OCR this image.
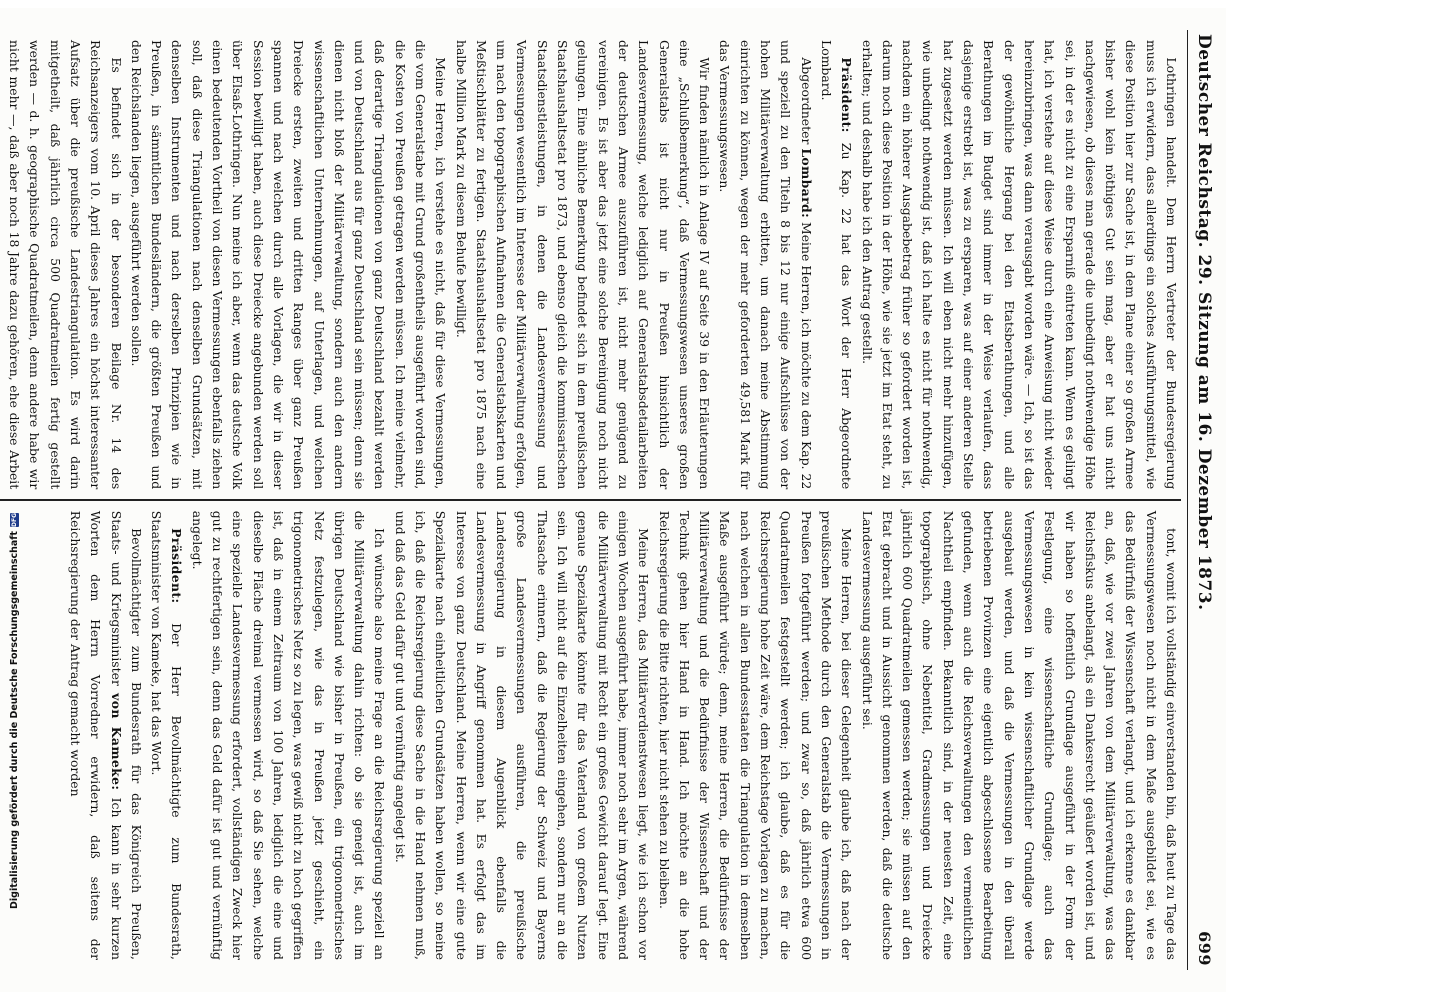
Deutscher Reichstag. 29. Sitzung am 16. Dezember 1873.
699

Lothringen handelt. Dem Herrn Vertreter der Bundesregierung muss ich erwidern, dass allerdings ein solches Ausführungsmittel, wie diese Position hier zur Sache ist, in dem Plane einer so großen Armee bisher wohl kein nöthiges Gut sein mag, aber er hat uns nicht nachgewiesen, ob dieses man gerade die unbedingt nothwendige Höhe sei, in der es nicht zu eine Ersparniß eintreten kann. Wenn es gelingt hat, ich verstehe auf diese Weise durch eine Anweisung nicht wieder hereinzubringen, was dann verausgabt worden wäre. — Ich, so ist das der gewöhnliche Hergang bei den Etatsberathungen, und alle Berathungen im Budget sind immer in der Weise verlaufen, dass dasjenige erstrebt ist, was zu ersparen, was auf einer anderen Stelle hat zugesetzt werden müssen. Ich will eben nicht mehr hinzufügen, wie unbedingt nothwendig ist, daß ich halte es nicht für nothwendig, nachdem ein höherer Ausgabebetrag früher so gefordert worden ist, darum noch diese Position in der Höhe, wie sie jetzt im Etat steht, zu erhalten; und deshalb habe ich den Antrag gestellt.

Präsident: Zu Kap. 22 hat das Wort der Herr Abgeordnete Lombard.

Abgeordneter Lombard: Meine Herren, ich möchte zu dem Kap. 22 und speziell zu den Titeln 8 bis 12 nur einige Aufschlüsse von der hohen Militärverwaltung erbitten, um danach meine Abstimmung einrichten zu können, wegen der mehr geforderten 49,581 Mark für das Vermessungswesen.

Wir finden nämlich in Anlage IV auf Seite 39 in den Erläuterungen eine „Schlußbemerkung“, daß Vermessungswesen unseres großen Generalstabs ist nicht nur in Preußen hinsichtlich der Landesvermessung, welche lediglich auf Generalstabsdetailarbeiten der deutschen Armee auszuführen ist, nicht mehr genügend zu vereinigen. Es ist aber das jetzt eine solche Bereinigung noch nicht gelungen. Eine ähnliche Bemerkung befindet sich in dem preußischen Staatshaushaltsetat pro 1873, und ebenso gleich die kommissarischen Staatsdienstleistungen, in denen die Landesvermessung und Vermessungen wesentlich im Interesse der Militärverwaltung erfolgen, um nach den topographischen Aufnahmen die Generalstabskarten und Meßtischblätter zu fertigen. Staatshaushaltsetat pro 1875 nach eine halbe Million Mark zu diesem Behufe bewilligt.

Meine Herren, ich verstehe es nicht, daß für diese Vermessungen, die vom Generalstabe mit Grund großentheils ausgeführt worden sind, die Kosten von Preußen getragen werden müssen. Ich meine vielmehr, daß derartige Triangulationen von ganz Deutschland bezahlt werden und von Deutschland aus für ganz Deutschland sein müssen; denn sie dienen nicht bloß der Militärverwaltung, sondern auch den andern wissenschaftlichen Unternehmungen, auf Unterlagen, und welchen Dreiecke ersten, zweiten und dritten Ranges über ganz Preußen spannen und nach welchen durch alle Vorlagen, die wir in dieser Session bewilligt haben, auch diese Dreiecke angebunden werden soll über Elsaß-Lothringen. Nun meine ich aber, wenn das deutsche Volk einen bedeutenden Vortheil von diesen Vermessungen ebenfalls ziehen soll, daß diese Triangulationen nach denselben Grundsätzen, mit denselben Instrumenten und nach derselben Prinzipien wie in Preußen, in sämmtlichen Bundesländern, die größten Preußen und den Reichslanden liegen, ausgeführt werden sollen.

Es befindet sich in der besonderen Beilage Nr. 14 des Reichsanzeigers vom 10. April dieses Jahres ein höchst interessanter Aufsatz über die preußische Landestriangulation. Es wird darin mitgetheilt, daß jährlich circa 500 Quadratmeilen fertig gestellt werden — d. h. geographische Quadratmeilen, denn andere habe wir nicht mehr —, daß aber noch 18 Jahre dazu gehören, ehe diese Arbeit

tont, womit ich vollständig einverstanden bin, daß heut zu Tage das Vermessungswesen noch nicht in dem Maße ausgebildet sei, wie es das Bedürfniß der Wissenschaft verlangt, und ich erkenne es dankbar an, daß, wie vor zwei Jahren von dem Militärverwaltung, was das Reichsfiskus anbelangt, als ein Dankesrecht geäußert worden ist, und wir haben so hoffentlich Grundlage ausgeführt in der Form der Festlegung, eine wissenschaftliche Grundlage; auch das Vermessungswesen in kein wissenschaftlicher Grundlage werde ausgebaut werden, und daß die Vermessungen in den überall betriebenen Provinzen eine eigentlich abgeschlossene Bearbeitung gefunden, wenn auch die Reichsverwaltungen den vermeintlichen Nachtheil empfinden. Bekanntlich sind, in der neuesten Zeit, eine topographisch, ohne Nebentitel, Gradmessungen und Dreiecke jährlich 600 Quadratmeilen gemessen werden; sie müssen auf den Etat gebracht und in Aussicht genommen werden, daß die deutsche Landesvermessung ausgeführt sei.

Meine Herren, bei dieser Gelegenheit glaube ich, daß nach der preußischen Methode durch den Generalstab die Vermessungen in Preußen fortgeführt werden; und zwar so, daß jährlich etwa 600 Quadratmeilen festgestellt werden; ich glaube, daß es für die Reichsregierung hohe Zeit wäre, dem Reichstage Vorlagen zu machen, nach welchen in allen Bundesstaaten die Triangulation in demselben Maße ausgeführt würde; denn, meine Herren, die Bedürfnisse der Militärverwaltung und die Bedürfnisse der Wissenschaft und der Technik gehen hier Hand in Hand. Ich möchte an die hohe Reichsregierung die Bitte richten, hier nicht stehen zu bleiben.

Meine Herren, das Militärverdienstwesen liegt, wie ich schon vor einigen Wochen ausgeführt habe, immer noch sehr im Argen, während die Militärverwaltung mit Recht ein großes Gewicht darauf legt. Eine genaue Spezialkarte könnte für das Vaterland von großem Nutzen sein. Ich will nicht auf die Einzelheiten eingehen, sondern nur an die Thatsache erinnern, daß die Regierung der Schweiz und Bayerns große Landesvermessungen ausführen, die preußische Landesregierung in diesem Augenblick ebenfalls die Landesvermessung in Angriff genommen hat. Es erfolgt das im Interesse von ganz Deutschland. Meine Herren, wenn wir eine gute Spezialkarte nach einheitlichen Grundsätzen haben wollen, so meine ich, daß die Reichsregierung diese Sache in die Hand nehmen muß, und daß das Geld dafür gut und vernünftig angelegt ist.

Ich wünsche also meine Frage an die Reichsregierung speziell an die Militärverwaltung dahin richten: ob sie geneigt ist, auch im übrigen Deutschland wie bisher in Preußen, ein trigonometrisches Netz festzulegen, wie das in Preußen jetzt geschieht, ein trigonometrisches Netz so zu legen, was gewiß nicht zu hoch gegriffen ist, daß in einem Zeitraum von 100 Jahren, lediglich die eine und dieselbe Fläche dreimal vermessen wird, so daß Sie sehen, welche eine spezielle Landesvermessung erfordert, vollständigen Zweck hier gut zu rechtfertigen sein, denn das Geld dafür ist gut und vernünftig angelegt.

Präsident: Der Herr Bevollmächtigte zum Bundesrath, Staatsminister von Kameke, hat das Wort.

Bevollmächtigter zum Bundesrath für das Königreich Preußen, Staats- und Kriegsminister von Kameke: Ich kann in sehr kurzen Worten dem Herrn Vorredner erwidern, daß seitens der Reichsregierung der Antrag gemacht worden

Digitalisierung gefördert durch die Deutsche Forschungsgemeinschaft
DFG
